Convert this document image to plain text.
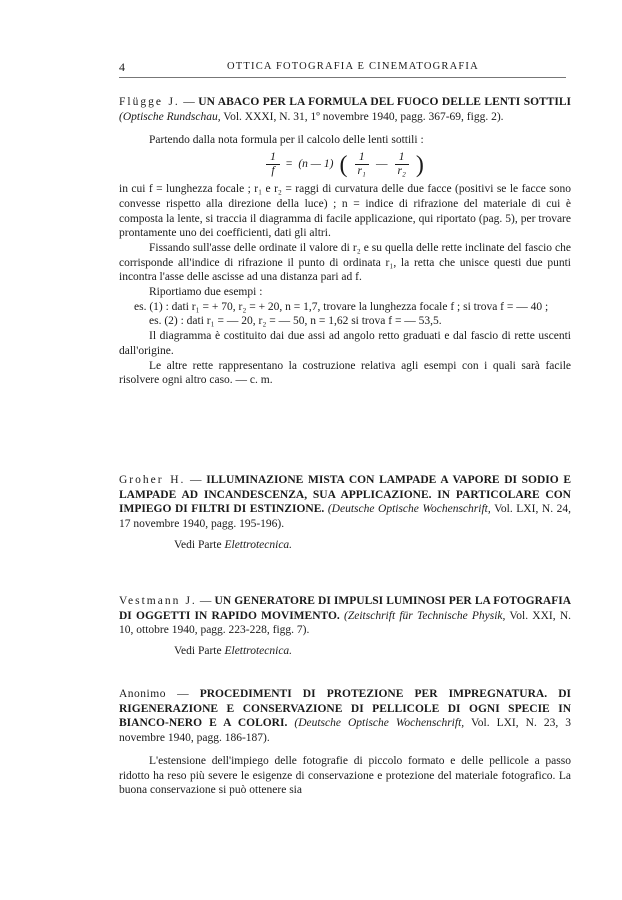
4	OTTICA FOTOGRAFIA E CINEMATOGRAFIA
Flügge J. — UN ABACO PER LA FORMULA DEL FUOCO DELLE LENTI SOTTILI (Optische Rundschau, Vol. XXXI, N. 31, 1º novembre 1940, pagg. 367-69, figg. 2).

Partendo dalla nota formula per il calcolo delle lenti sottili :

$\frac{1}{f} = (n$ — 1) ( $\frac{1}{\text{r₁}}$ — $\frac{1}{\text{r₂}}$ )

in cui f = lunghezza focale ; r₁ e r₂ = raggi di curvatura delle due facce (positivi se le facce sono convesse rispetto alla direzione della luce) ; n = indice di rifrazione del materiale di cui è composta la lente, si traccia il diagramma di facile applicazione, qui riportato (pag. 5), per trovare prontamente uno dei coefficienti, dati gli altri.

Fissando sull'asse delle ordinate il valore di r₂ e su quella delle rette inclinate del fascio che corrisponde all'indice di rifrazione il punto di ordinata r₁, la retta che unisce questi due punti incontra l'asse delle ascisse ad una distanza pari ad f.

Riportiamo due esempi :

es. (1) : dati r₁ = + 70, r₂ = + 20, n = 1,7, trovare la lunghezza focale f ; si trova f = — 40 ;

es. (2) : dati r₁ = — 20, r₂ = — 50, n = 1,62 si trova f = — 53,5.

Il diagramma è costituito dai due assi ad angolo retto graduati e dal fascio di rette uscenti dall'origine.

Le altre rette rappresentano la costruzione relativa agli esempi con i quali sarà facile risolvere ogni altro caso. — c. m.

Groher H. — ILLUMINAZIONE MISTA CON LAMPADE A VAPORE DI SODIO E LAMPADE AD INCANDESCENZA, SUA APPLICAZIONE. IN PARTICOLARE CON IMPIEGO DI FILTRI DI ESTINZIONE. (Deutsche Optische Wochenschrift, Vol. LXI, N. 24, 17 novembre 1940, pagg. 195-196).
Vedi Parte Elettrotecnica.
Vestmann J. — UN GENERATORE DI IMPULSI LUMINOSI PER LA FOTOGRAFIA DI OGGETTI IN RAPIDO MOVIMENTO. (Zeitschrift für Technische Physik, Vol. XXI, N. 10, ottobre 1940, pagg. 223-228, figg. 7).
Vedi Parte Elettrotecnica.
Anonimo — PROCEDIMENTI DI PROTEZIONE PER IMPREGNATURA. DI RIGENERAZIONE E CONSERVAZIONE DI PELLICOLE DI OGNI SPECIE IN BIANCO-NERO E A COLORI. (Deutsche Optische Wochenschrift, Vol. LXI, N. 23, 3 novembre 1940, pagg. 186-187).

L'estensione dell'impiego delle fotografie di piccolo formato e delle pellicole a passo ridotto ha reso più severe le esigenze di conservazione e protezione del materiale fotografico. La buona conservazione si può ottenere sia
